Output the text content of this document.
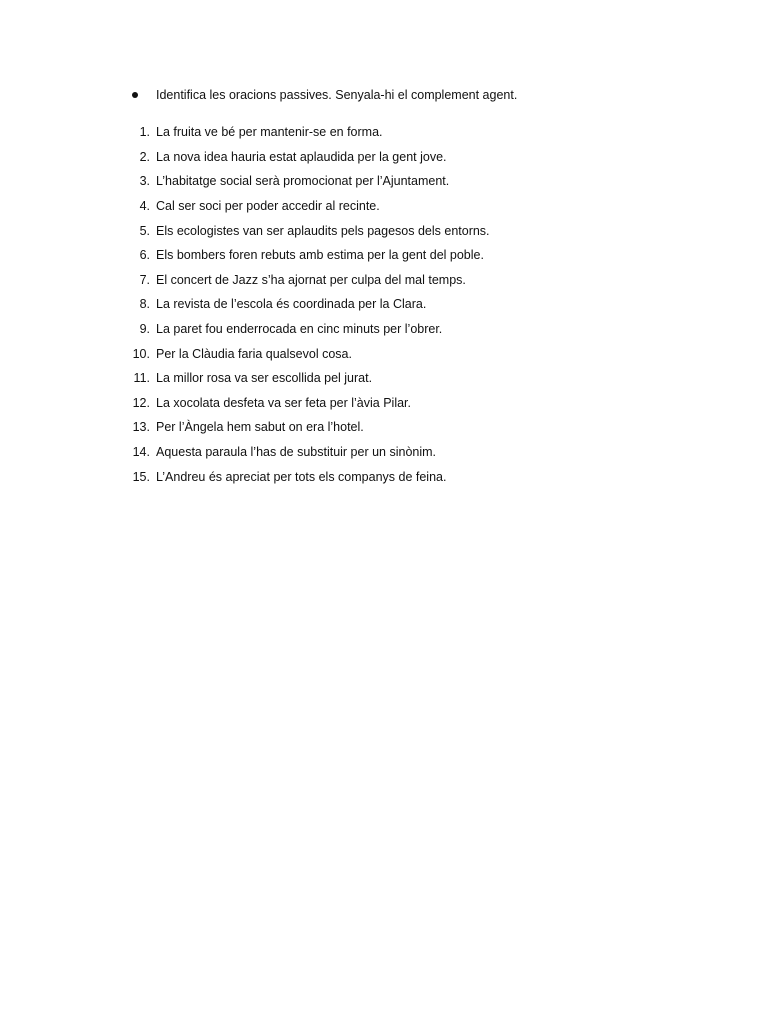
Identifica les oracions passives. Senyala-hi el complement agent.
1. La fruita ve bé per mantenir-se en forma.
2. La nova idea hauria estat aplaudida per la gent jove.
3. L’habitatge social serà promocionat per l’Ajuntament.
4. Cal ser soci per poder accedir al recinte.
5. Els ecologistes van ser aplaudits pels pagesos dels entorns.
6. Els bombers foren rebuts amb estima per la gent del poble.
7. El concert de Jazz s’ha ajornat per culpa del mal temps.
8. La revista de l’escola és coordinada per la Clara.
9. La paret fou enderrocada en cinc minuts per l’obrer.
10. Per la Clàudia faria qualsevol cosa.
11. La millor rosa va ser escollida pel jurat.
12. La xocolata desfeta va ser feta per l’àvia Pilar.
13. Per l’Àngela hem sabut on era l’hotel.
14. Aquesta paraula l’has de substituir per un sinònim.
15. L’Andreu és apreciat per tots els companys de feina.
